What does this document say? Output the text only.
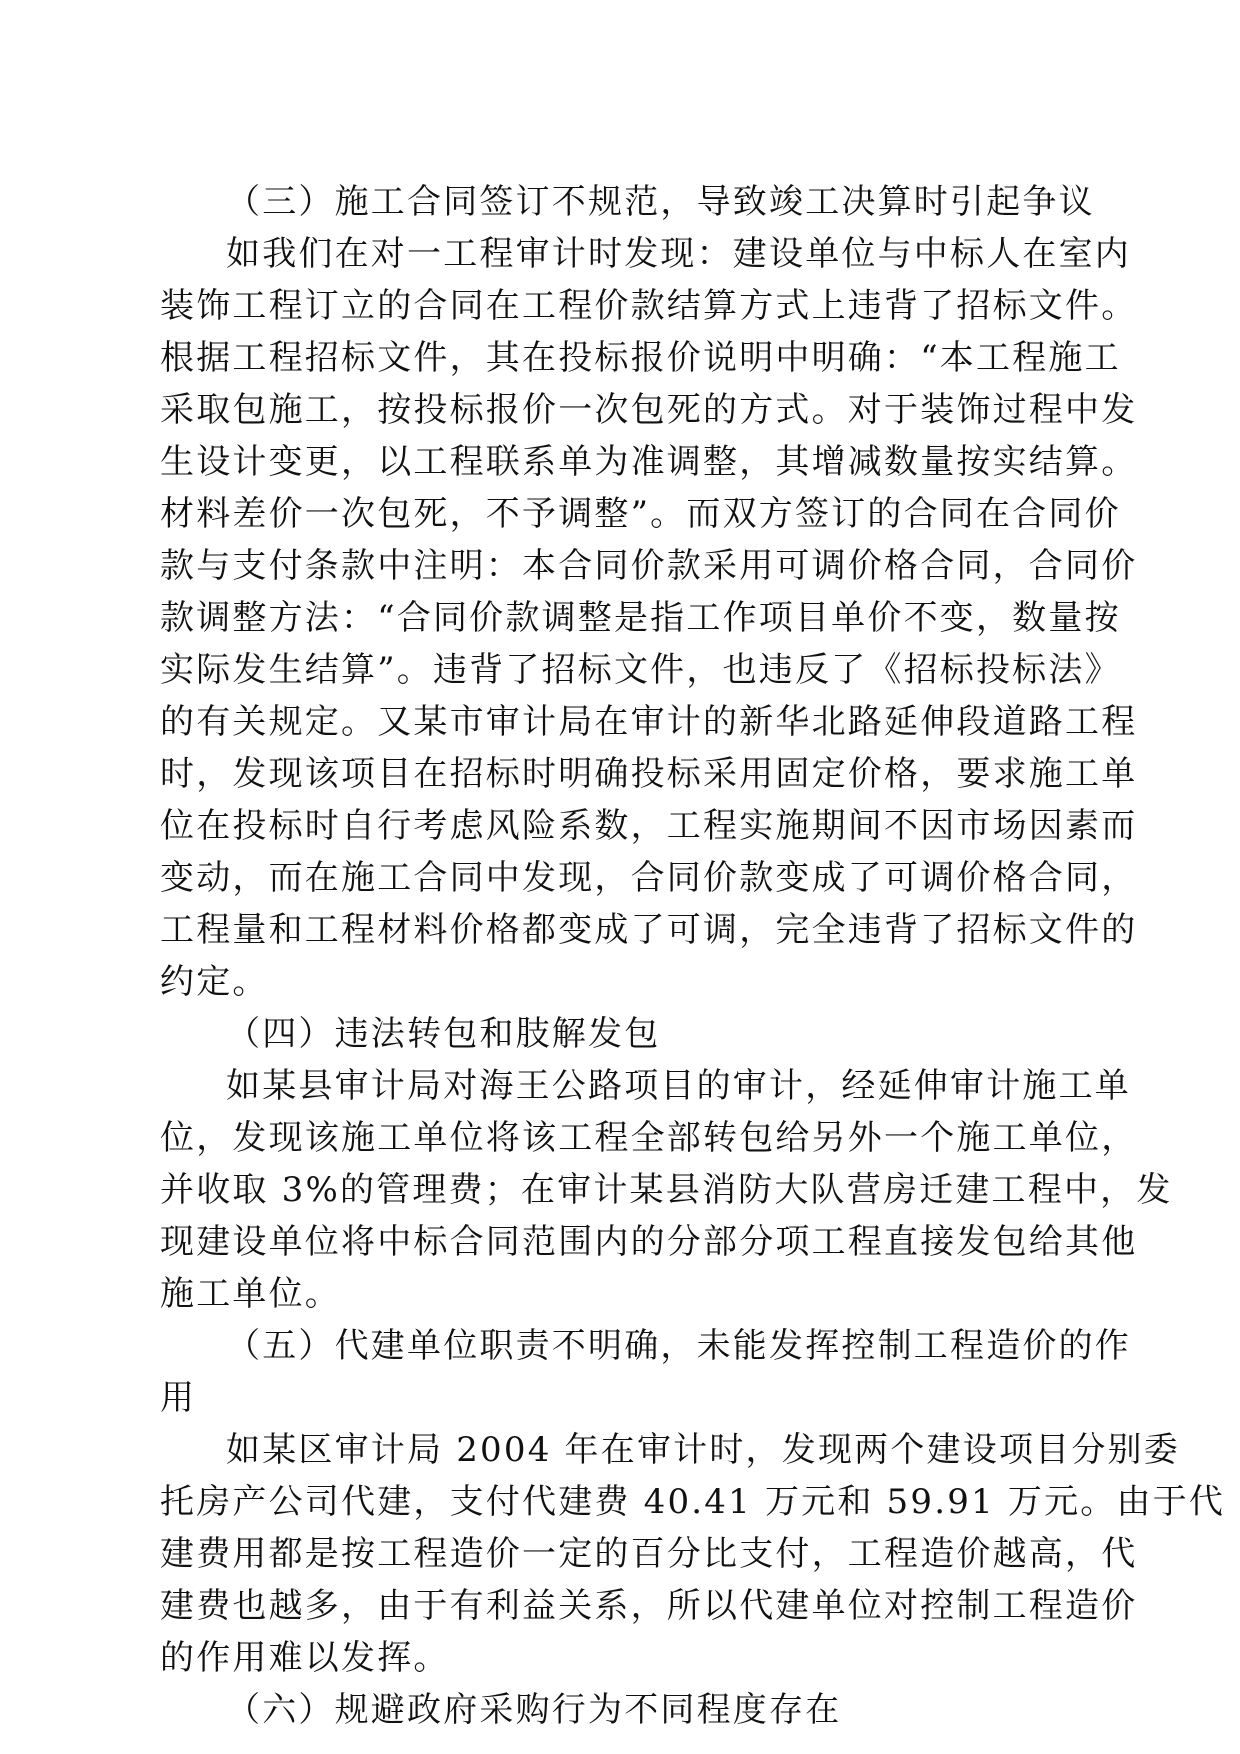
（三）施工合同签订不规范，导致竣工决算时引起争议
如我们在对一工程审计时发现：建设单位与中标人在室内
装饰工程订立的合同在工程价款结算方式上违背了招标文件。
根据工程招标文件，其在投标报价说明中明确：“本工程施工
采取包施工，按投标报价一次包死的方式。对于装饰过程中发
生设计变更，以工程联系单为准调整，其增减数量按实结算。
材料差价一次包死，不予调整”。而双方签订的合同在合同价
款与支付条款中注明：本合同价款采用可调价格合同，合同价
款调整方法：“合同价款调整是指工作项目单价不变，数量按
实际发生结算”。违背了招标文件，也违反了《招标投标法》
的有关规定。又某市审计局在审计的新华北路延伸段道路工程
时，发现该项目在招标时明确投标采用固定价格，要求施工单
位在投标时自行考虑风险系数，工程实施期间不因市场因素而
变动，而在施工合同中发现，合同价款变成了可调价格合同，
工程量和工程材料价格都变成了可调，完全违背了招标文件的
约定。
（四）违法转包和肢解发包
如某县审计局对海王公路项目的审计，经延伸审计施工单
位，发现该施工单位将该工程全部转包给另外一个施工单位，
并收取 3%的管理费；在审计某县消防大队营房迁建工程中，发
现建设单位将中标合同范围内的分部分项工程直接发包给其他
施工单位。
（五）代建单位职责不明确，未能发挥控制工程造价的作
用
如某区审计局 2004 年在审计时，发现两个建设项目分别委
托房产公司代建，支付代建费 40.41 万元和 59.91 万元。由于代
建费用都是按工程造价一定的百分比支付，工程造价越高，代
建费也越多，由于有利益关系，所以代建单位对控制工程造价
的作用难以发挥。
（六）规避政府采购行为不同程度存在
